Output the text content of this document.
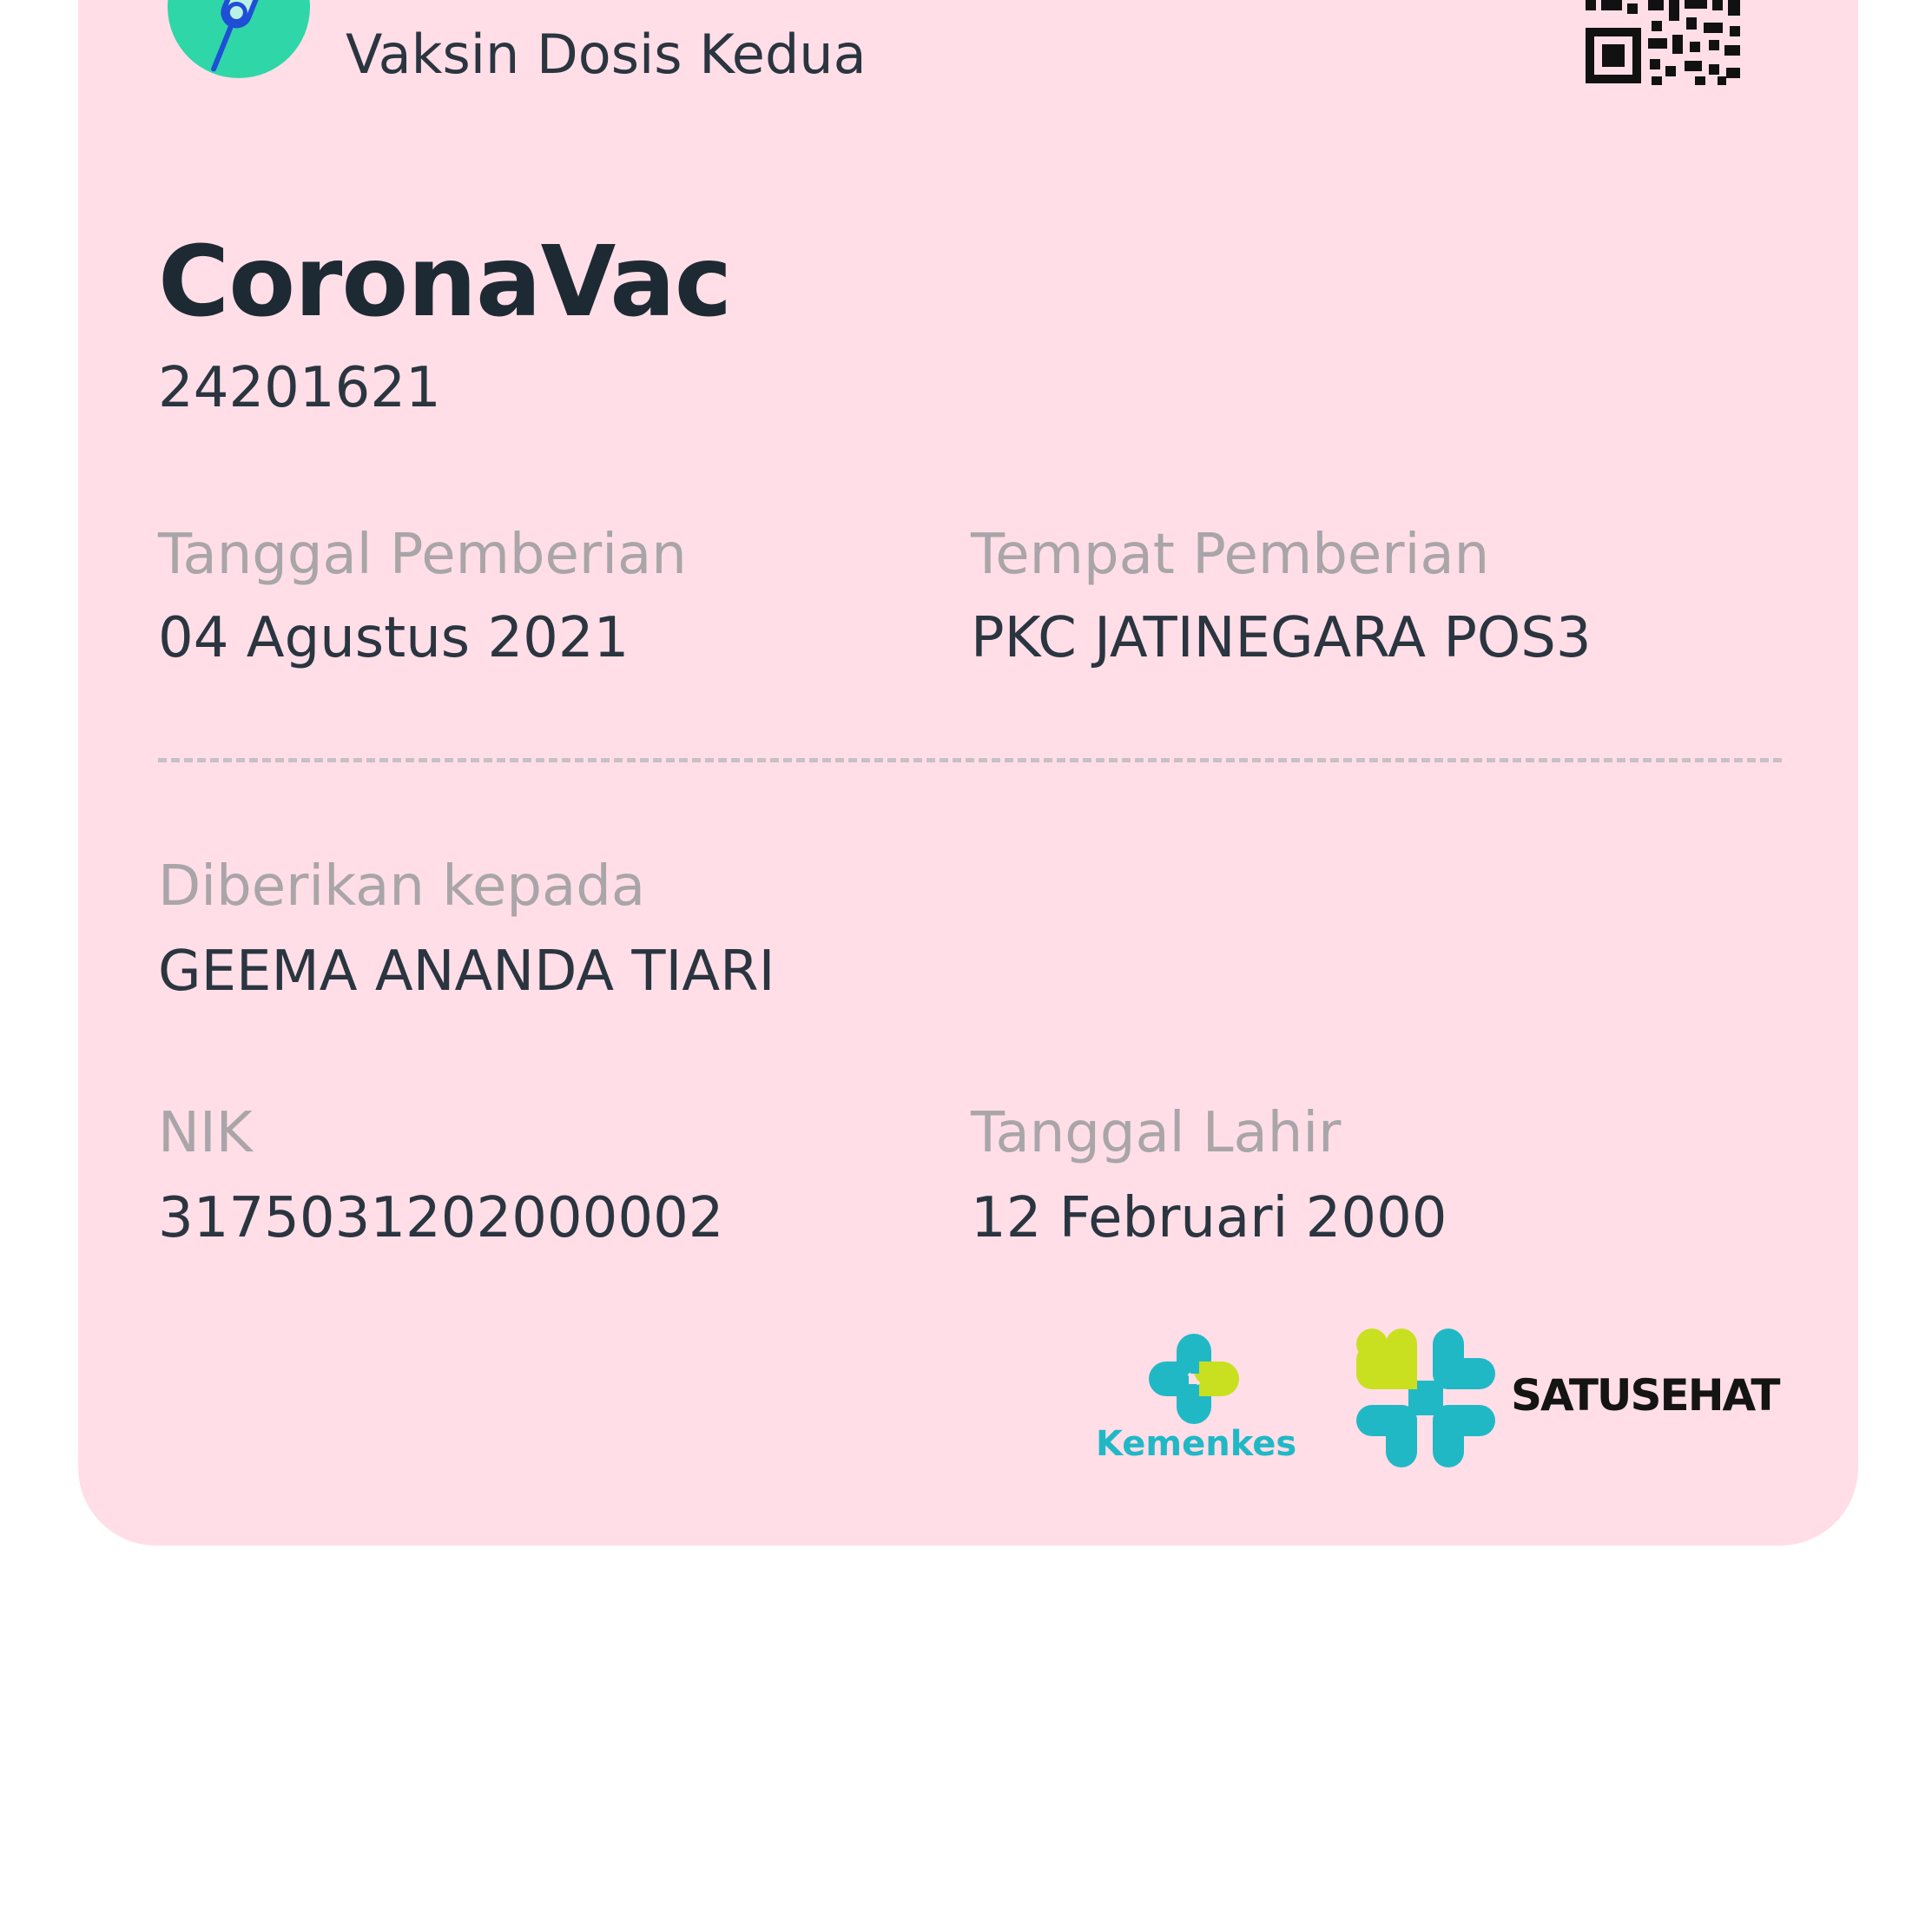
Vaksin Dosis Kedua
CoronaVac
24201621
Tanggal Pemberian
04 Agustus 2021
Tempat Pemberian
PKC JATINEGARA POS3
Diberikan kepada
GEEMA ANANDA TIARI
NIK
3175031202000002
Tanggal Lahir
12 Februari 2000
Kemenkes
SATUSEHAT
